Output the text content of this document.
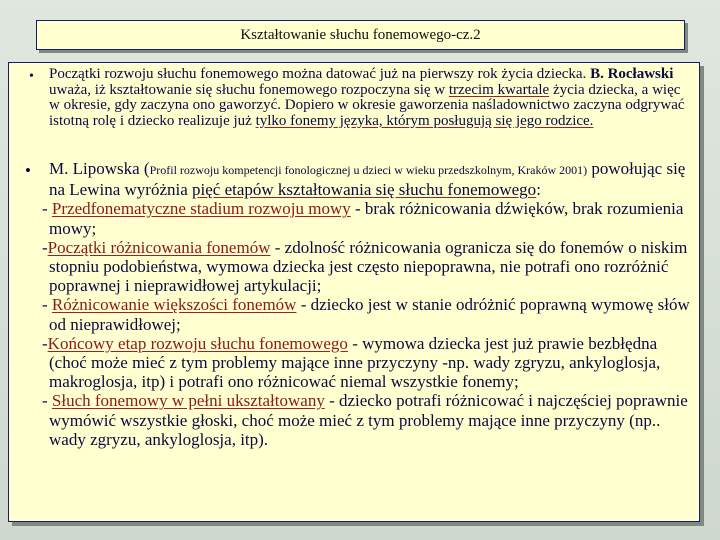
Kształtowanie słuchu fonemowego-cz.2
• Początki rozwoju słuchu fonemowego można datować już na pierwszy rok życia dziecka. B. Rocławski uważa, iż kształtowanie się słuchu fonemowego rozpoczyna się w trzecim kwartale życia dziecka, a więc w okresie, gdy zaczyna ono gaworzyć. Dopiero w okresie gaworzenia naśladownictwo zaczyna odgrywać istotną rolę i dziecko realizuje już tylko fonemy języka, którym posługują się jego rodzice.
• M. Lipowska (Profil rozwoju kompetencji fonologicznej u dzieci w wieku przedszkolnym, Kraków 2001) powołując się na Lewina wyróżnia pięć etapów kształtowania się słuchu fonemowego:
- Przedfonematyczne stadium rozwoju mowy - brak różnicowania dźwięków, brak rozumienia mowy;
-Początki różnicowania fonemów - zdolność różnicowania ogranicza się do fonemów o niskim stopniu podobieństwa, wymowa dziecka jest często niepoprawna, nie potrafi ono rozróżnić poprawnej i nieprawidłowej artykulacji;
- Różnicowanie większości fonemów - dziecko jest w stanie odróżnić poprawną wymowę słów od nieprawidłowej;
-Końcowy etap rozwoju słuchu fonemowego - wymowa dziecka jest już prawie bezbłędna (choć może mieć z tym problemy mające inne przyczyny -np. wady zgryzu, ankyloglosja, makroglosja, itp) i potrafi ono różnicować niemal wszystkie fonemy;
- Słuch fonemowy w pełni ukształtowany - dziecko potrafi różnicować i najczęściej poprawnie wymówić wszystkie głoski, choć może mieć z tym problemy mające inne przyczyny (np.. wady zgryzu, ankyloglosja, itp).
